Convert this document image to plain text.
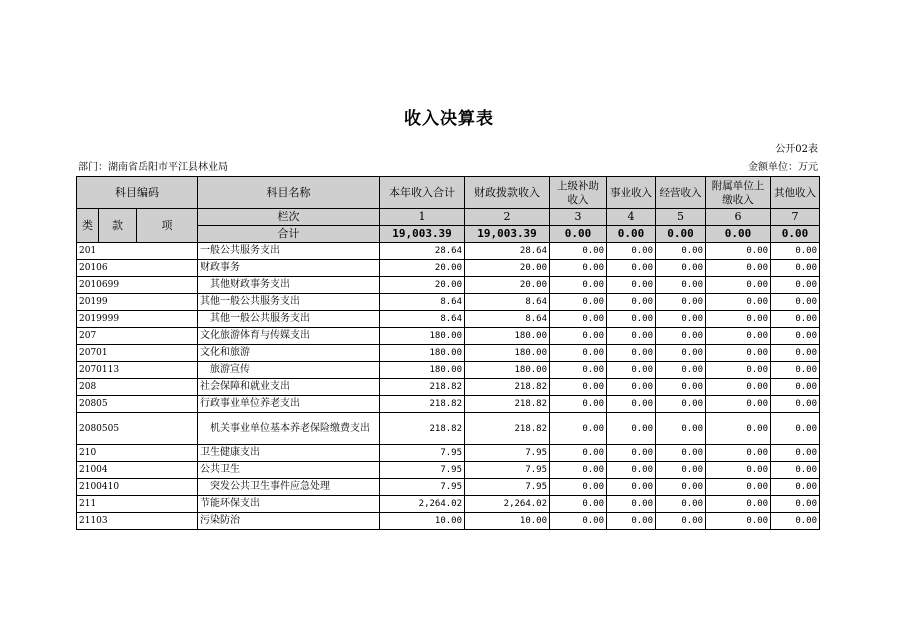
收入决算表
公开02表
部门：湖南省岳阳市平江县林业局	金额单位：万元
科目编码			科目名称	本年收入合计	财政拨款收入	上级补助收入	事业收入	经营收入	附属单位上缴收入	其他收入
类	款	项	栏次	1	2	3	4	5	6	7
			合计	19,003.39	19,003.39	0.00	0.00	0.00	0.00	0.00
201			一般公共服务支出	28.64	28.64	0.00	0.00	0.00	0.00	0.00
20106			财政事务	20.00	20.00	0.00	0.00	0.00	0.00	0.00
2010699			其他财政事务支出	20.00	20.00	0.00	0.00	0.00	0.00	0.00
20199			其他一般公共服务支出	8.64	8.64	0.00	0.00	0.00	0.00	0.00
2019999			其他一般公共服务支出	8.64	8.64	0.00	0.00	0.00	0.00	0.00
207			文化旅游体育与传媒支出	180.00	180.00	0.00	0.00	0.00	0.00	0.00
20701			文化和旅游	180.00	180.00	0.00	0.00	0.00	0.00	0.00
2070113			旅游宣传	180.00	180.00	0.00	0.00	0.00	0.00	0.00
208			社会保障和就业支出	218.82	218.82	0.00	0.00	0.00	0.00	0.00
20805			行政事业单位养老支出	218.82	218.82	0.00	0.00	0.00	0.00	0.00
2080505			机关事业单位基本养老保险缴费支出	218.82	218.82	0.00	0.00	0.00	0.00	0.00
210			卫生健康支出	7.95	7.95	0.00	0.00	0.00	0.00	0.00
21004			公共卫生	7.95	7.95	0.00	0.00	0.00	0.00	0.00
2100410			突发公共卫生事件应急处理	7.95	7.95	0.00	0.00	0.00	0.00	0.00
211			节能环保支出	2,264.02	2,264.02	0.00	0.00	0.00	0.00	0.00
21103			污染防治	10.00	10.00	0.00	0.00	0.00	0.00	0.00
